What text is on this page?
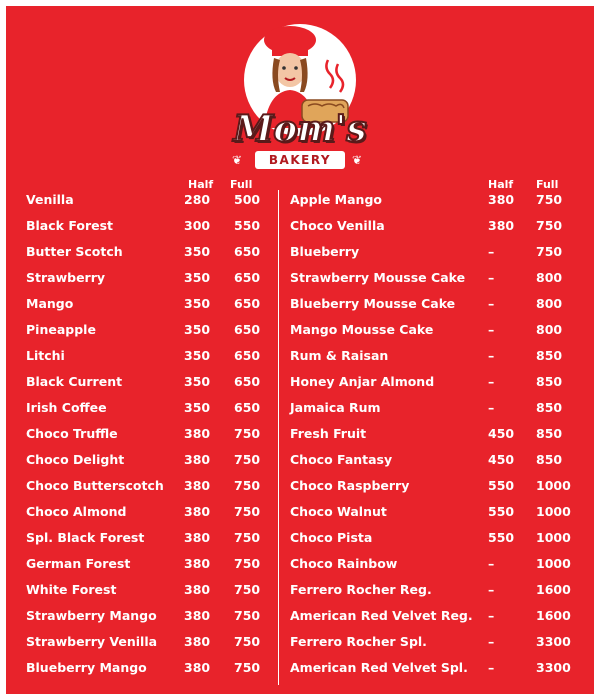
Mom's
❦	BAKERY	❦
Half Full
Venilla	280 500
Black Forest	300 550
Butter Scotch	350 650
Strawberry	350 650
Mango	350 650
Pineapple	350 650
Litchi	350 650
Black Current	350 650
Irish Coffee	350 650
Choco Truffle	380 750
Choco Delight	380 750
Choco Butterscotch 380 750
Choco Almond	380 750
Spl. Black Forest	380 750
German Forest	380 750
White Forest	380 750
Strawberry Mango 380 750
Strawberry Venilla 380 750
Blueberry Mango	380 750
Half Full
Apple Mango	380 750
Choco Venilla	380 750
Blueberry	–	750
Strawberry Mousse Cake –	800
Blueberry Mousse Cake	–	800
Mango Mousse Cake	–	800
Rum & Raisan	–	850
Honey Anjar Almond	–	850
Jamaica Rum	–	850
Fresh Fruit	450 850
Choco Fantasy	450 850
Choco Raspberry	550 1000
Choco Walnut	550 1000
Choco Pista	550 1000
Choco Rainbow	–	1000
Ferrero Rocher Reg.	–	1600
American Red Velvet Reg. –	1600
Ferrero Rocher Spl.	–	3300
American Red Velvet Spl. –	3300
